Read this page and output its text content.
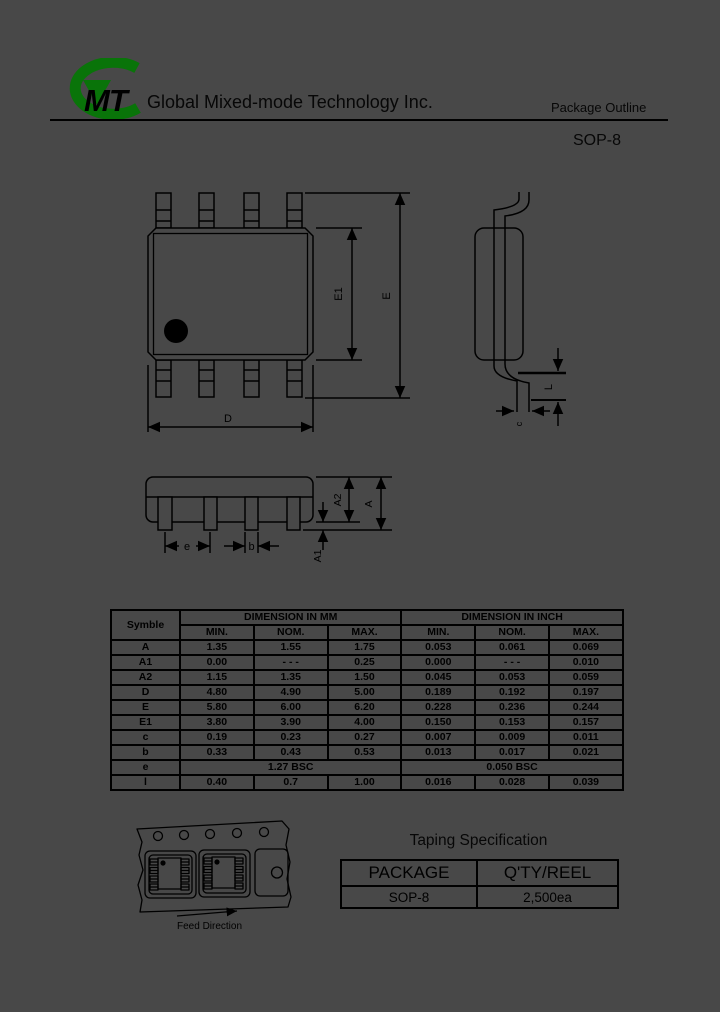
MT Global Mixed-mode Technology Inc.	Package Outline
SOP-8
D
E1	E
L
c
e	b
A2 A
A1
Symble	DIMENSION IN MM			DIMENSION IN INCH		
	MIN.	NOM.	MAX.	MIN.	NOM.	MAX.
A	1.35	1.55	1.75	0.053	0.061	0.069
A1	0.00	- - -	0.25	0.000	- - -	0.010
A2	1.15	1.35	1.50	0.045	0.053	0.059
D	4.80	4.90	5.00	0.189	0.192	0.197
E	5.80	6.00	6.20	0.228	0.236	0.244
E1	3.80	3.90	4.00	0.150	0.153	0.157
c	0.19	0.23	0.27	0.007	0.009	0.011
b	0.33	0.43	0.53	0.013	0.017	0.021
e	1.27 BSC			0.050 BSC		
l	0.40	0.7	1.00	0.016	0.028	0.039
Taping Specification
PACKAGE	Q'TY/REEL
SOP-8	2,500ea
Feed Direction
